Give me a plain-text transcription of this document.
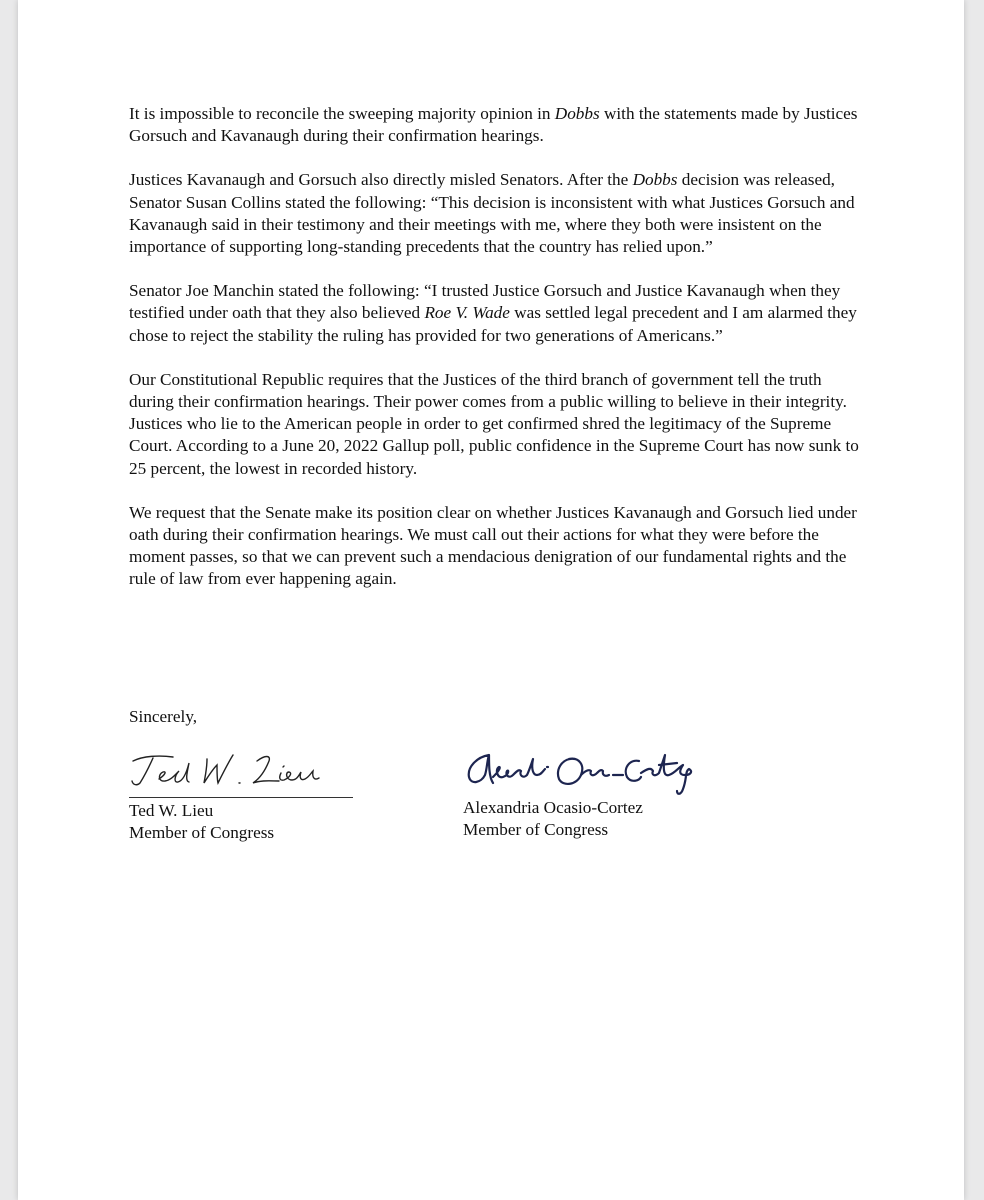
It is impossible to reconcile the sweeping majority opinion in Dobbs with the statements made by Justices Gorsuch and Kavanaugh during their confirmation hearings.

Justices Kavanaugh and Gorsuch also directly misled Senators. After the Dobbs decision was released, Senator Susan Collins stated the following: “This decision is inconsistent with what Justices Gorsuch and Kavanaugh said in their testimony and their meetings with me, where they both were insistent on the importance of supporting long-standing precedents that the country has relied upon.”

Senator Joe Manchin stated the following: “I trusted Justice Gorsuch and Justice Kavanaugh when they testified under oath that they also believed Roe V. Wade was settled legal precedent and I am alarmed they chose to reject the stability the ruling has provided for two generations of Americans.”

Our Constitutional Republic requires that the Justices of the third branch of government tell the truth during their confirmation hearings. Their power comes from a public willing to believe in their integrity. Justices who lie to the American people in order to get confirmed shred the legitimacy of the Supreme Court. According to a June 20, 2022 Gallup poll, public confidence in the Supreme Court has now sunk to 25 percent, the lowest in recorded history.

We request that the Senate make its position clear on whether Justices Kavanaugh and Gorsuch lied under oath during their confirmation hearings. We must call out their actions for what they were before the moment passes, so that we can prevent such a mendacious denigration of our fundamental rights and the rule of law from ever happening again.

Sincerely,
Ted W. Lieu
Member of Congress
Alexandria Ocasio-Cortez
Member of Congress
